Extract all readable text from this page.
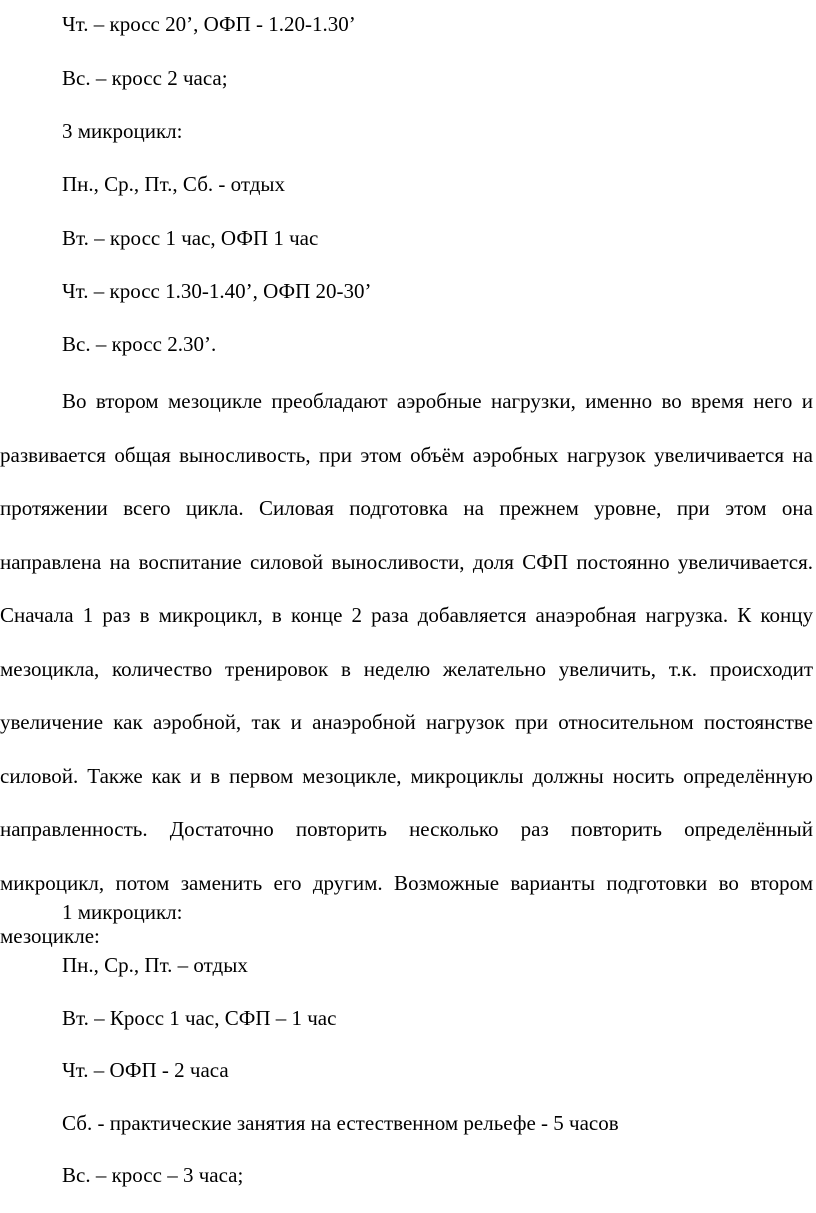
Чт. – кросс 20’, ОФП - 1.20-1.30’
Вс. – кросс 2 часа;
3 микроцикл:
Пн., Ср., Пт., Сб. - отдых
Вт. – кросс 1 час, ОФП 1 час
Чт. – кросс 1.30-1.40’, ОФП 20-30’
Вс. – кросс 2.30’.
Во втором мезоцикле преобладают аэробные нагрузки, именно во время него и развивается общая выносливость, при этом объём аэробных нагрузок увеличивается на протяжении всего цикла. Силовая подготовка на прежнем уровне, при этом она направлена на воспитание силовой выносливости, доля СФП постоянно увеличивается. Сначала 1 раз в микроцикл, в конце 2 раза добавляется анаэробная нагрузка. К концу мезоцикла, количество тренировок в неделю желательно увеличить, т.к. происходит увеличение как аэробной, так и анаэробной нагрузок при относительном постоянстве силовой. Также как и в первом мезоцикле, микроциклы должны носить определённую направленность. Достаточно повторить несколько раз повторить определённый микроцикл, потом заменить его другим. Возможные варианты подготовки во втором мезоцикле:
1 микроцикл:
Пн., Ср., Пт. – отдых
Вт. – Кросс 1 час, СФП – 1 час
Чт. – ОФП - 2 часа
Сб. - практические занятия на естественном рельефе - 5 часов
Вс. – кросс – 3 часа;
